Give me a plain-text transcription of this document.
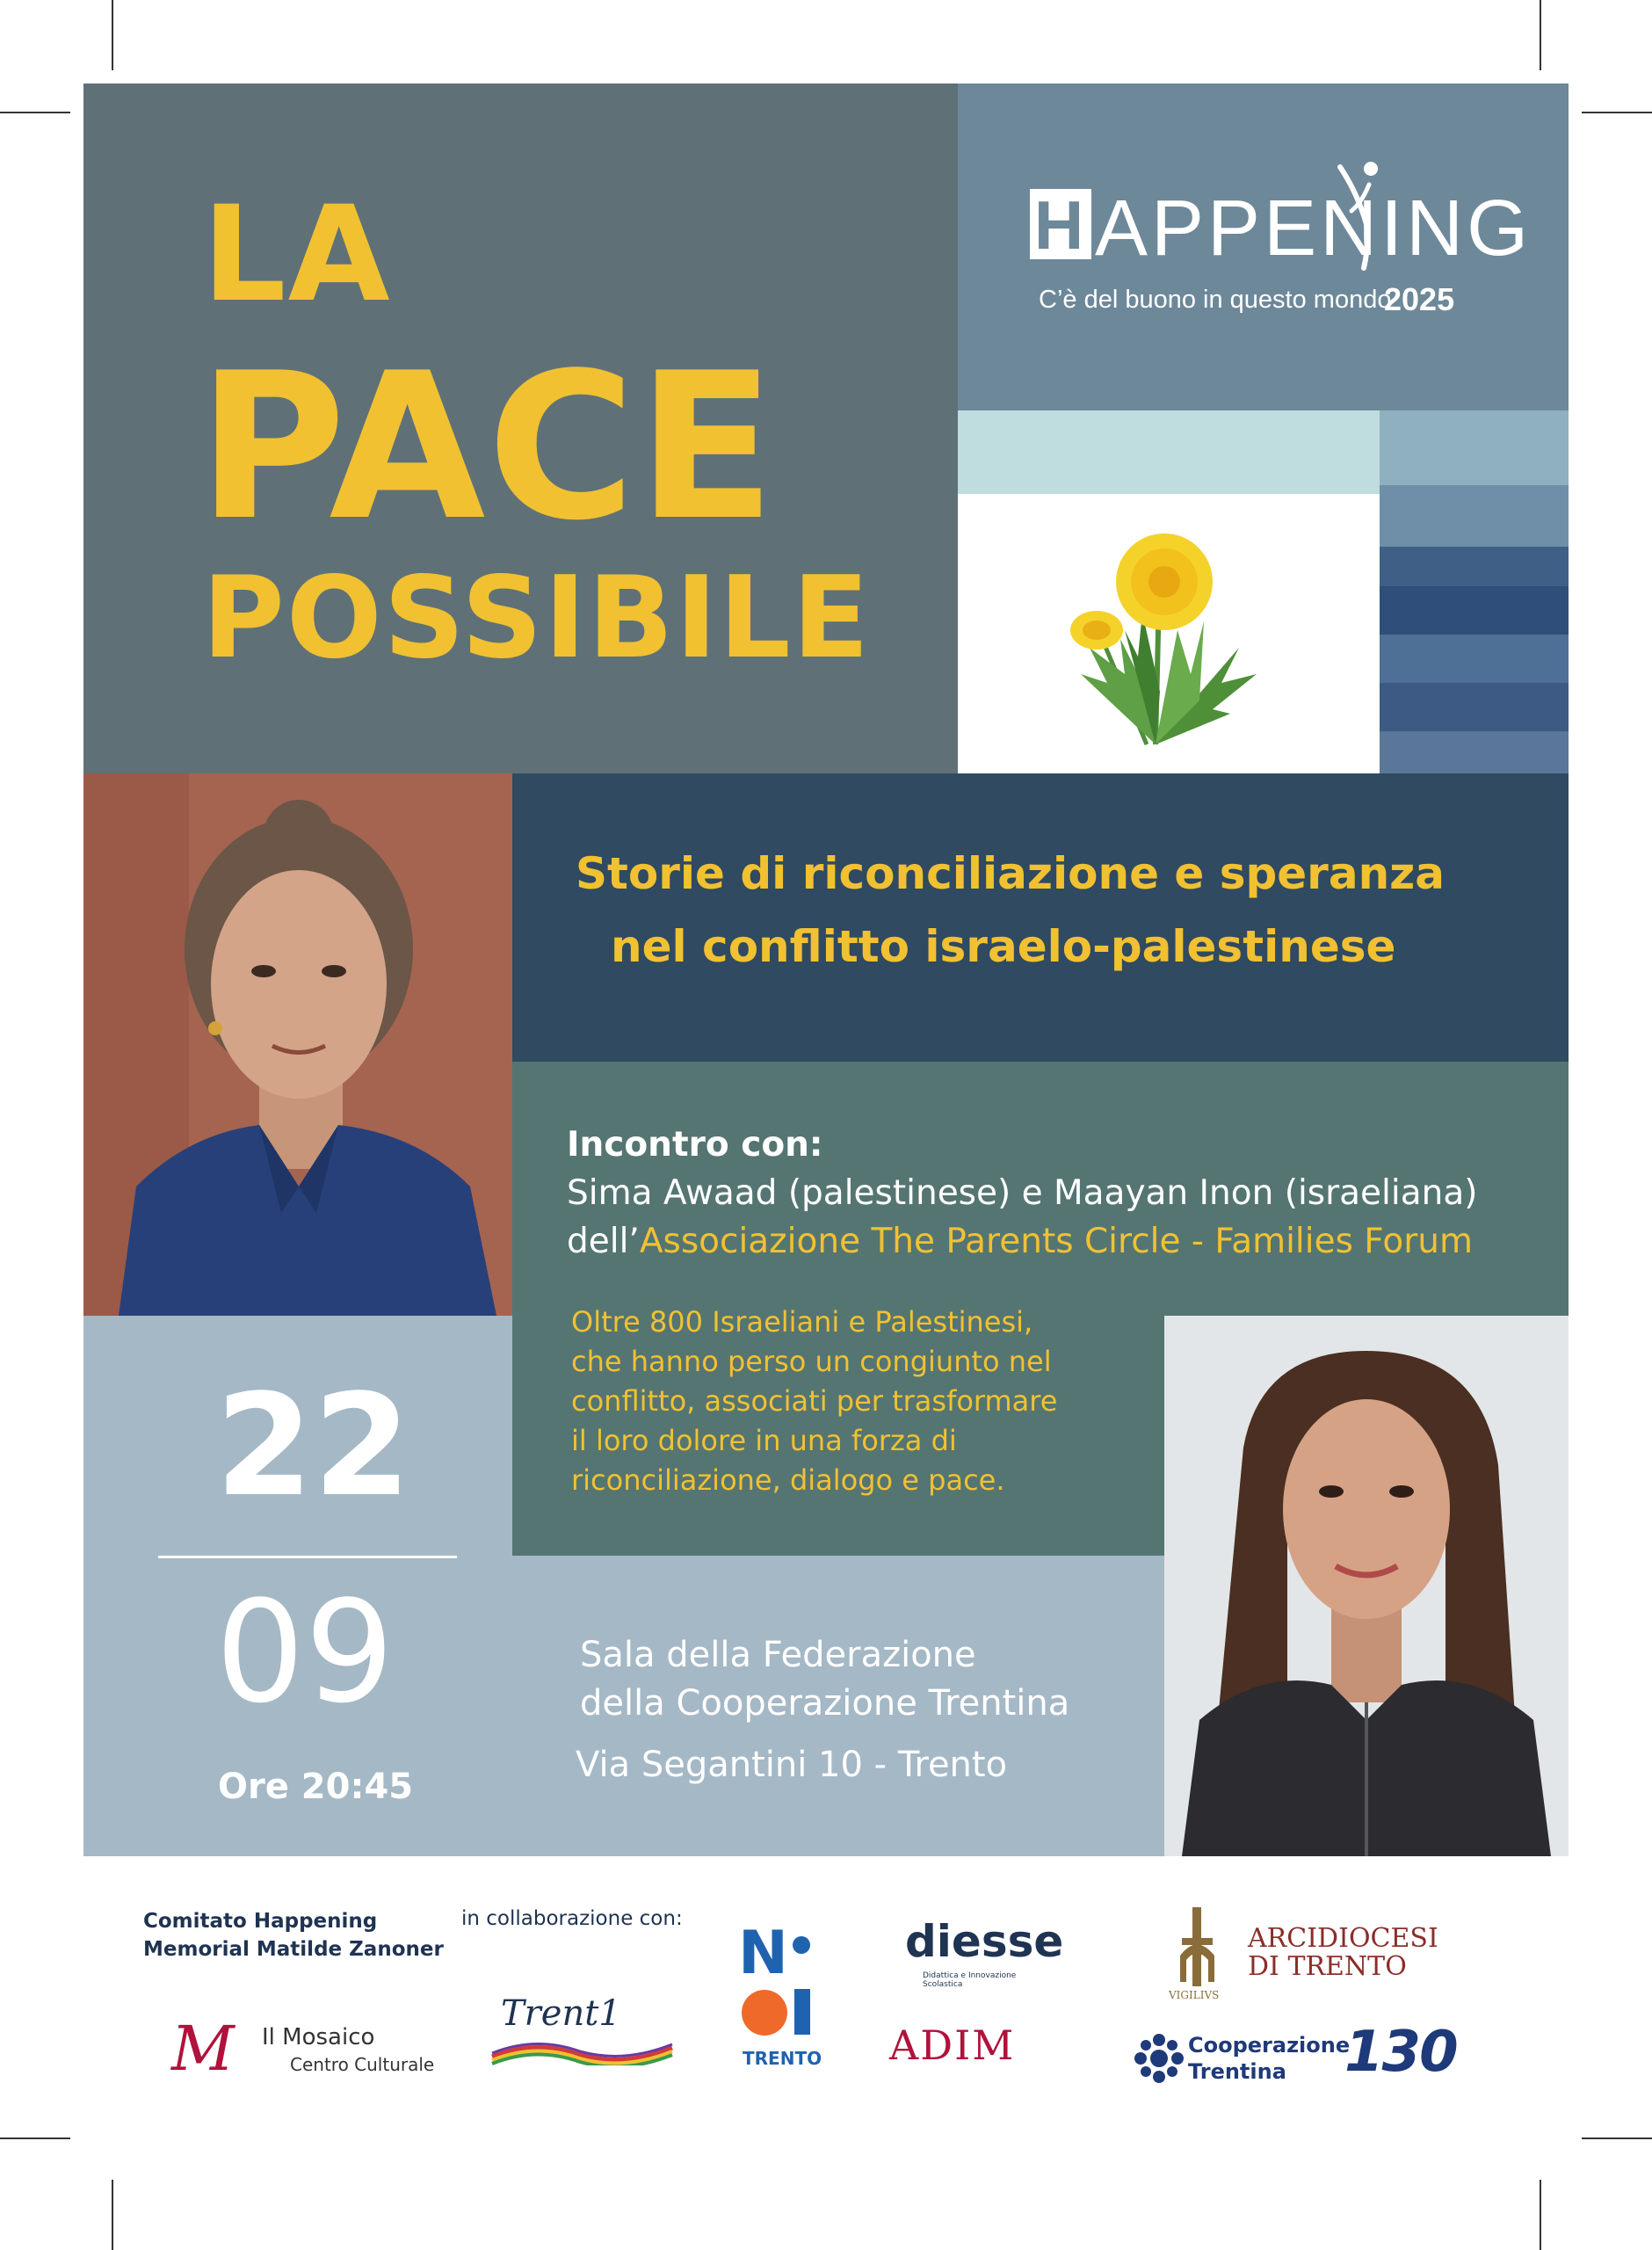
LA
PACE
POSSIBILE
HAPPENING
C’è del buono in questo mondo
2025
Storie di riconciliazione e speranza
nel conflitto israelo-palestinese
Incontro con:
Sima Awaad (palestinese) e Maayan Inon (israeliana)
dell’Associazione The Parents Circle - Families Forum
Oltre 800 Israeliani e Palestinesi,
che hanno perso un congiunto nel
conflitto, associati per trasformare
il loro dolore in una forza di
riconciliazione, dialogo e pace.
22
09
Ore 20:45
Sala della Federazione
della Cooperazione Trentina
Via Segantini 10 - Trento
Comitato Happening
Memorial Matilde Zanoner
in collaborazione con:
M Il Mosaico
Centro Culturale
Trent1
N
TRENTO
diesse
Didattica e Innovazione Scolastica
ADIM
VIGILIVS
ARCIDIOCESI
DI TRENTO
Cooperazione
Trentina 130
